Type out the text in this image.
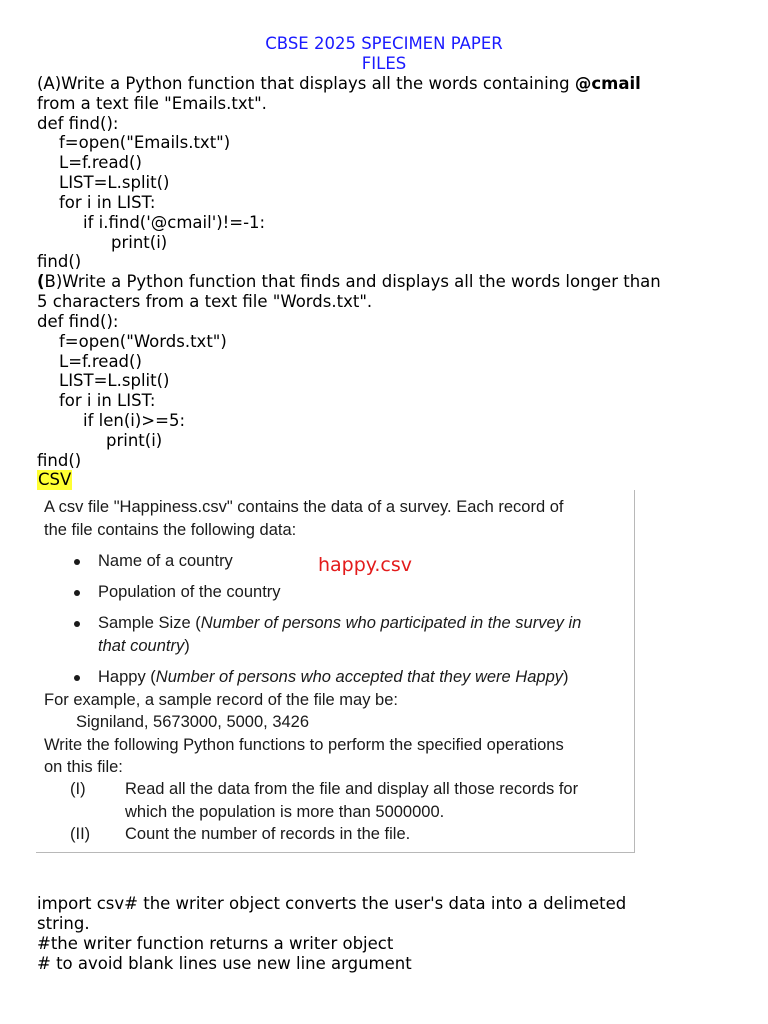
CBSE 2025 SPECIMEN PAPER
FILES
(A)Write a Python function that displays all the words containing @cmail
from a text file "Emails.txt".
def find():
f=open("Emails.txt")
L=f.read()
LIST=L.split()
for i in LIST:
if i.find('@cmail')!=-1:
print(i)
find()
(B)Write a Python function that finds and displays all the words longer than
5 characters from a text file "Words.txt".
def find():
f=open("Words.txt")
L=f.read()
LIST=L.split()
for i in LIST:
if len(i)>=5:
print(i)
find()
CSV
A csv file "Happiness.csv" contains the data of a survey. Each record of
the file contains the following data:
Name of a country	happy.csv
Population of the country
Sample Size (Number of persons who participated in the survey in
that country)
Happy (Number of persons who accepted that they were Happy)
For example, a sample record of the file may be:
Signiland, 5673000, 5000, 3426
Write the following Python functions to perform the specified operations
on this file:
(I) Read all the data from the file and display all those records for
which the population is more than 5000000.
(II) Count the number of records in the file.
import csv# the writer object converts the user's data into a delimeted
string.
#the writer function returns a writer object
# to avoid blank lines use new line argument
